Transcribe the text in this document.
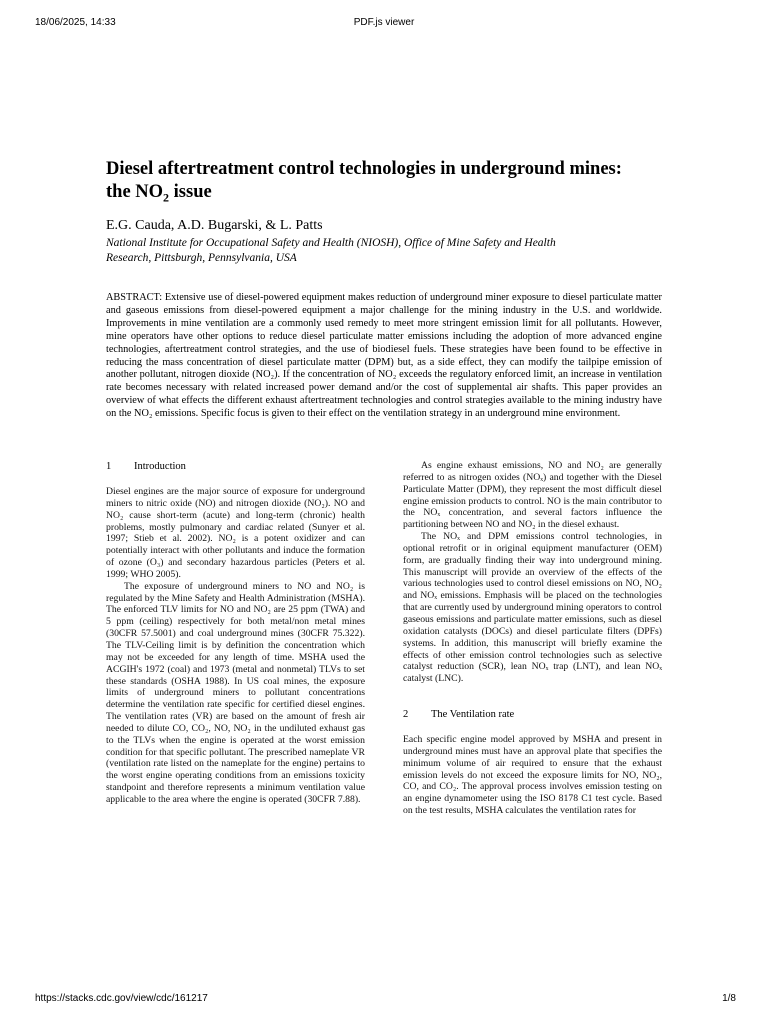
18/06/2025, 14:33	PDF.js viewer
Diesel aftertreatment control technologies in underground mines:
the $NO_2$ issue
E.G. Cauda, A.D. Bugarski, & L. Patts
National Institute for Occupational Safety and Health (NIOSH), Office of Mine Safety and Health
Research, Pittsburgh, Pennsylvania, USA

ABSTRACT: Extensive use of diesel-powered equipment makes reduction of underground miner exposure to diesel particulate matter and gaseous emissions from diesel-powered equipment a major challenge for the mining industry in the U.S. and worldwide. Improvements in mine ventilation are a commonly used remedy to meet more stringent emission limit for all pollutants. However, mine operators have other options to reduce diesel particulate matter emissions including the adoption of more advanced engine technologies, aftertreatment control strategies, and the use of biodiesel fuels. These strategies have been found to be effective in reducing the mass concentration of diesel particulate matter (DPM) but, as a side effect, they can modify the tailpipe emission of another pollutant, nitrogen dioxide (NO₂). If the concentration of NO₂ exceeds the regulatory enforced limit, an increase in ventilation rate becomes necessary with related increased power demand and/or the cost of supplemental air shafts. This paper provides an overview of what effects the different exhaust aftertreatment technologies and control strategies available to the mining industry have on the NO₂ emissions. Specific focus is given to their effect on the ventilation strategy in an underground mine environment.

1 Introduction

Diesel engines are the major source of exposure for underground miners to nitric oxide (NO) and nitrogen dioxide (NO₂). NO and NO₂ cause short-term (acute) and long-term (chronic) health problems, mostly pulmonary and cardiac related (Sunyer et al. 1997; Stieb et al. 2002). NO₂ is a potent oxidizer and can potentially interact with other pollutants and induce the formation of ozone (O₃) and secondary hazardous particles (Peters et al. 1999; WHO 2005).

The exposure of underground miners to NO and NO₂ is regulated by the Mine Safety and Health Administration (MSHA). The enforced TLV limits for NO and NO₂ are 25 ppm (TWA) and 5 ppm (ceiling) respectively for both metal/non metal mines (30CFR 57.5001) and coal underground mines (30CFR 75.322). The TLV-Ceiling limit is by definition the concentration which may not be exceeded for any length of time. MSHA used the ACGIH's 1972 (coal) and 1973 (metal and nonmetal) TLVs to set these standards (OSHA 1988). In US coal mines, the exposure limits of underground miners to pollutant concentrations determine the ventilation rate specific for certified diesel engines. The ventilation rates (VR) are based on the amount of fresh air needed to dilute CO, CO₂, NO, NO₂ in the undiluted exhaust gas to the TLVs when the engine is operated at the worst emission condition for that specific pollutant. The prescribed nameplate VR (ventilation rate listed on the nameplate for the engine) pertains to the worst engine operating conditions from an emissions toxicity standpoint and therefore represents a minimum ventilation value applicable to the area where the engine is operated (30CFR 7.88).

As engine exhaust emissions, NO and NO₂ are generally referred to as nitrogen oxides (NOₓ) and together with the Diesel Particulate Matter (DPM), they represent the most difficult diesel engine emission products to control. NO is the main contributor to the NOₓ concentration, and several factors influence the partitioning between NO and NO₂ in the diesel exhaust.

The NOₓ and DPM emissions control technologies, in optional retrofit or in original equipment manufacturer (OEM) form, are gradually finding their way into underground mining. This manuscript will provide an overview of the effects of the various technologies used to control diesel emissions on NO, NO₂ and NOₓ emissions. Emphasis will be placed on the technologies that are currently used by underground mining operators to control gaseous emissions and particulate matter emissions, such as diesel oxidation catalysts (DOCs) and diesel particulate filters (DPFs) systems. In addition, this manuscript will briefly examine the effects of other emission control technologies such as selective catalyst reduction (SCR), lean NOₓ trap (LNT), and lean NOₓ catalyst (LNC).

2 The Ventilation rate

Each specific engine model approved by MSHA and present in underground mines must have an approval plate that specifies the minimum volume of air required to ensure that the exhaust emission levels do not exceed the exposure limits for NO, NO₂, CO, and CO₂. The approval process involves emission testing on an engine dynamometer using the ISO 8178 C1 test cycle. Based on the test results, MSHA calculates the ventilation rates for

https://stacks.cdc.gov/view/cdc/161217	1/8
